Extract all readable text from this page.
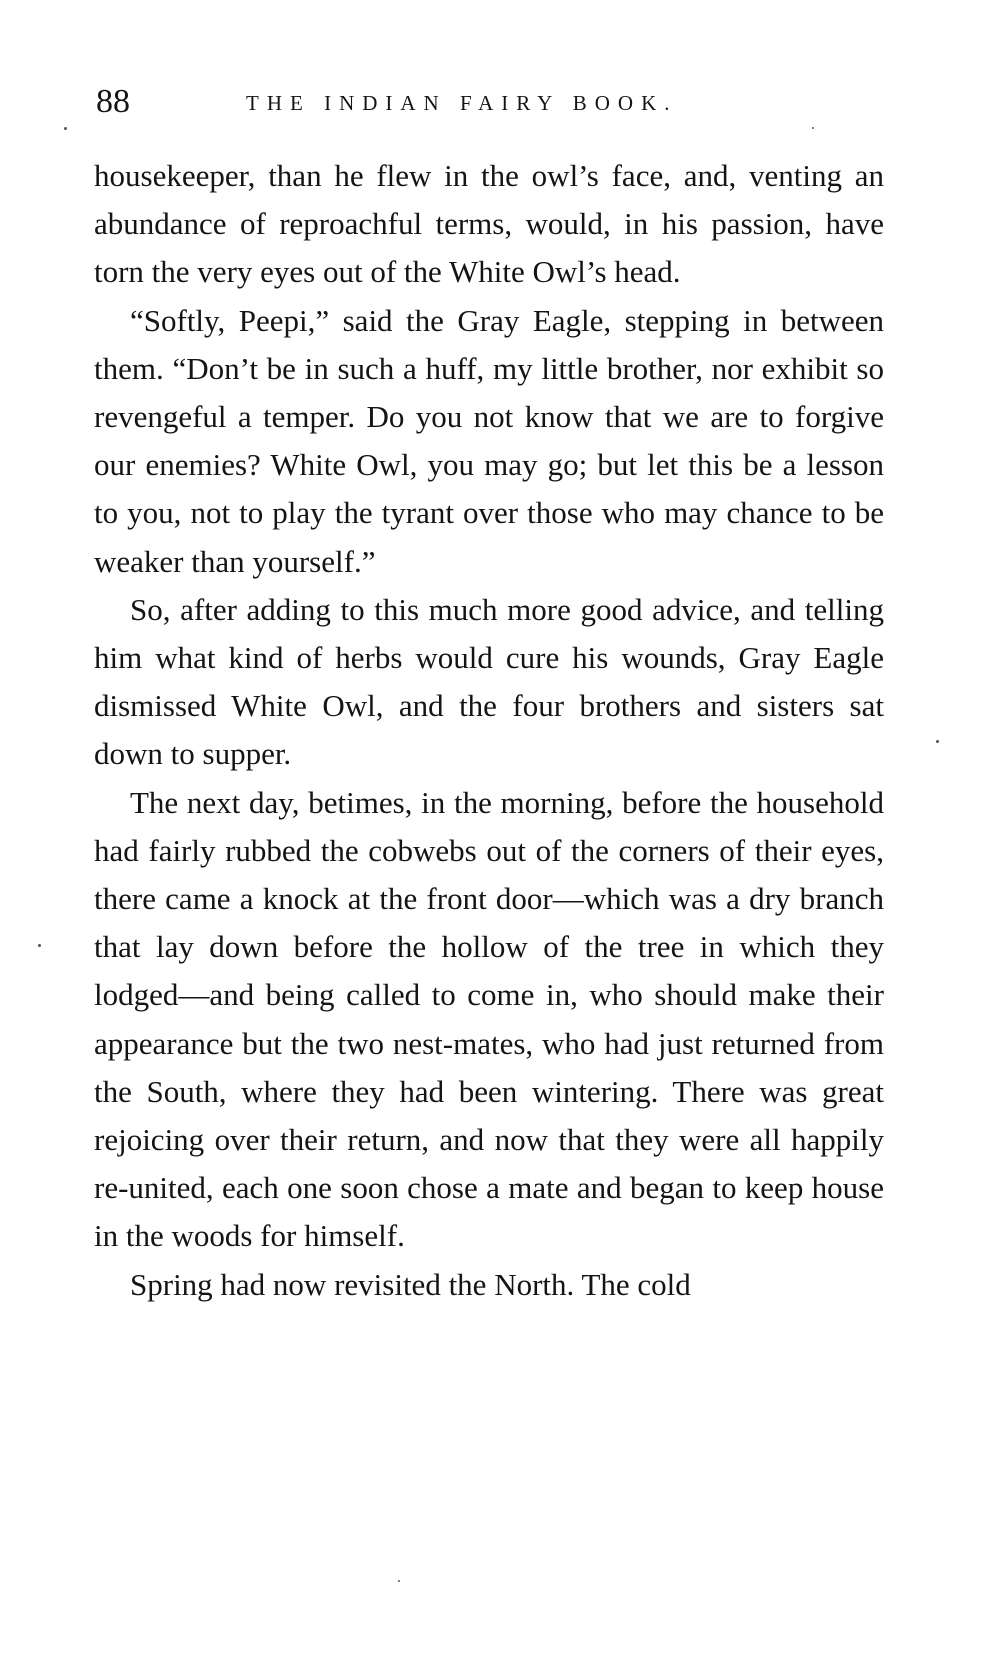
88	THE INDIAN FAIRY BOOK.

housekeeper, than he flew in the owl’s face, and, venting an abundance of reproachful terms, would, in his passion, have torn the very eyes out of the White Owl’s head.

“Softly, Peepi,” said the Gray Eagle, stepping in between them. “Don’t be in such a huff, my little brother, nor exhibit so revengeful a temper. Do you not know that we are to forgive our enemies? White Owl, you may go; but let this be a lesson to you, not to play the tyrant over those who may chance to be weaker than yourself.”

So, after adding to this much more good advice, and telling him what kind of herbs would cure his wounds, Gray Eagle dismissed White Owl, and the four brothers and sisters sat down to supper.

The next day, betimes, in the morning, before the household had fairly rubbed the cobwebs out of the corners of their eyes, there came a knock at the front door—which was a dry branch that lay down before the hollow of the tree in which they lodged—and being called to come in, who should make their appearance but the two nest-mates, who had just returned from the South, where they had been wintering. There was great rejoicing over their return, and now that they were all happily re-united, each one soon chose a mate and began to keep house in the woods for himself.

Spring had now revisited the North. The cold
